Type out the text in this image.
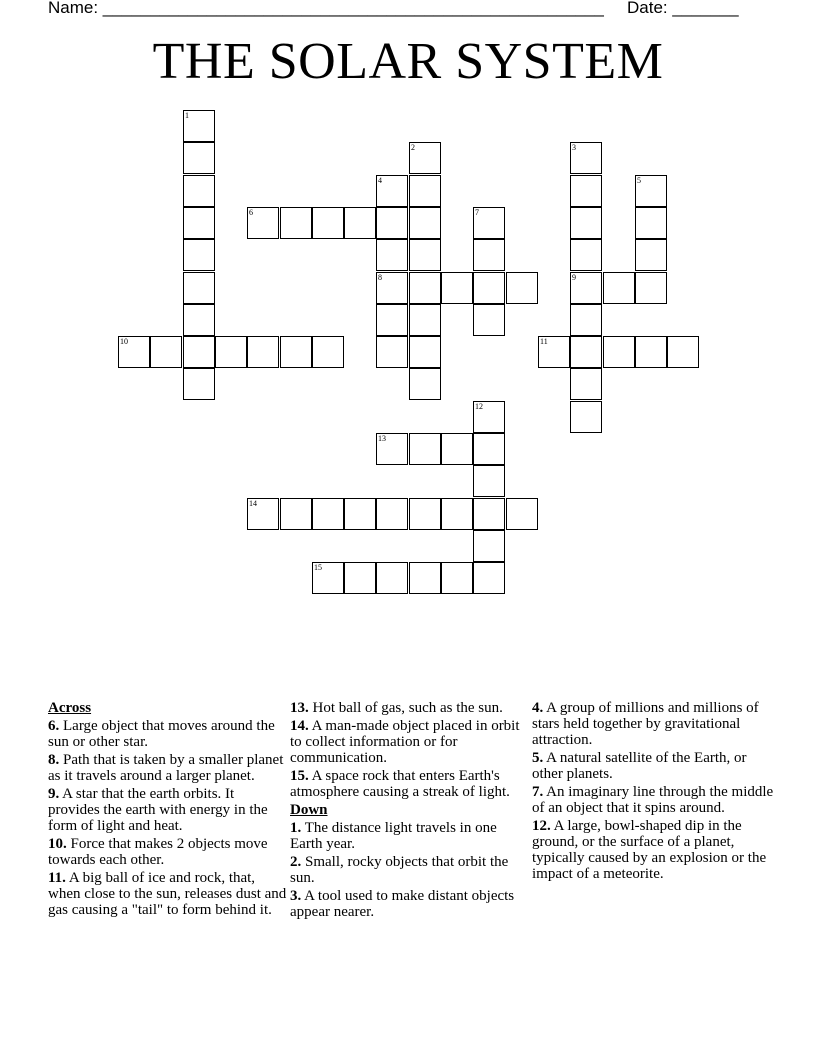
Name: _____________________________________________________ Date: _______
THE SOLAR SYSTEM
1
2	3
9
4
8
5
6	7
10	11
12
13
14
15
Across
6. Large object that moves around the sun or other star.
8. Path that is taken by a smaller planet as it travels around a larger planet.
9. A star that the earth orbits. It provides the earth with energy in the form of light and heat.
10. Force that makes 2 objects move towards each other.
11. A big ball of ice and rock, that, when close to the sun, releases dust and gas causing a "tail" to form behind it.
13. Hot ball of gas, such as the sun.
14. A man-made object placed in orbit to collect information or for communication.
15. A space rock that enters Earth's atmosphere causing a streak of light.
Down
1. The distance light travels in one Earth year.
2. Small, rocky objects that orbit the sun.
3. A tool used to make distant objects appear nearer.
4. A group of millions and millions of stars held together by gravitational attraction.
5. A natural satellite of the Earth, or other planets.
7. An imaginary line through the middle of an object that it spins around.
12. A large, bowl-shaped dip in the ground, or the surface of a planet, typically caused by an explosion or the impact of a meteorite.
